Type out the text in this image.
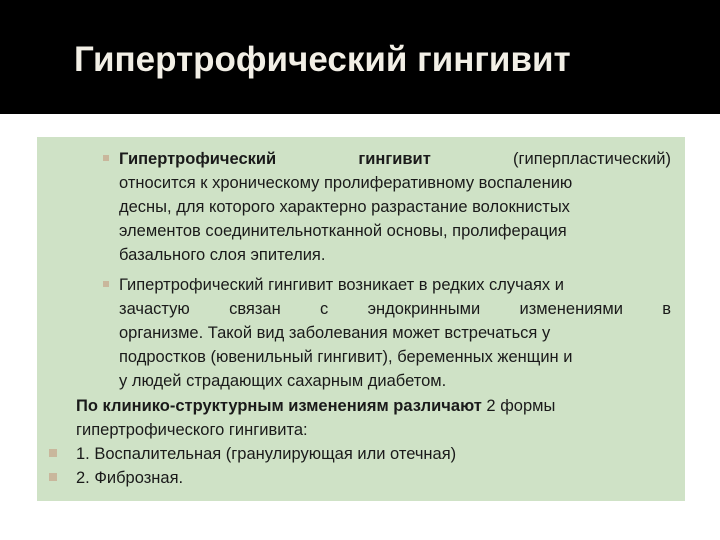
Гипертрофический гингивит
Гипертрофический гингивит	(гиперпластический)
относится к хроническому пролиферативному воспалению
десны, для которого характерно разрастание волокнистых
элементов соединительнотканной основы, пролиферация
базального слоя эпителия.
Гипертрофический гингивит возникает в редких случаях и
зачастую связан с эндокринными изменениями в
организме. Такой вид заболевания может встречаться у
подростков (ювенильный гингивит), беременных женщин и
у людей страдающих сахарным диабетом.
По клинико-структурным изменениям различают 2 формы
гипертрофического гингивита:
1. Воспалительная (гранулирующая или отечная)
2. Фиброзная.
